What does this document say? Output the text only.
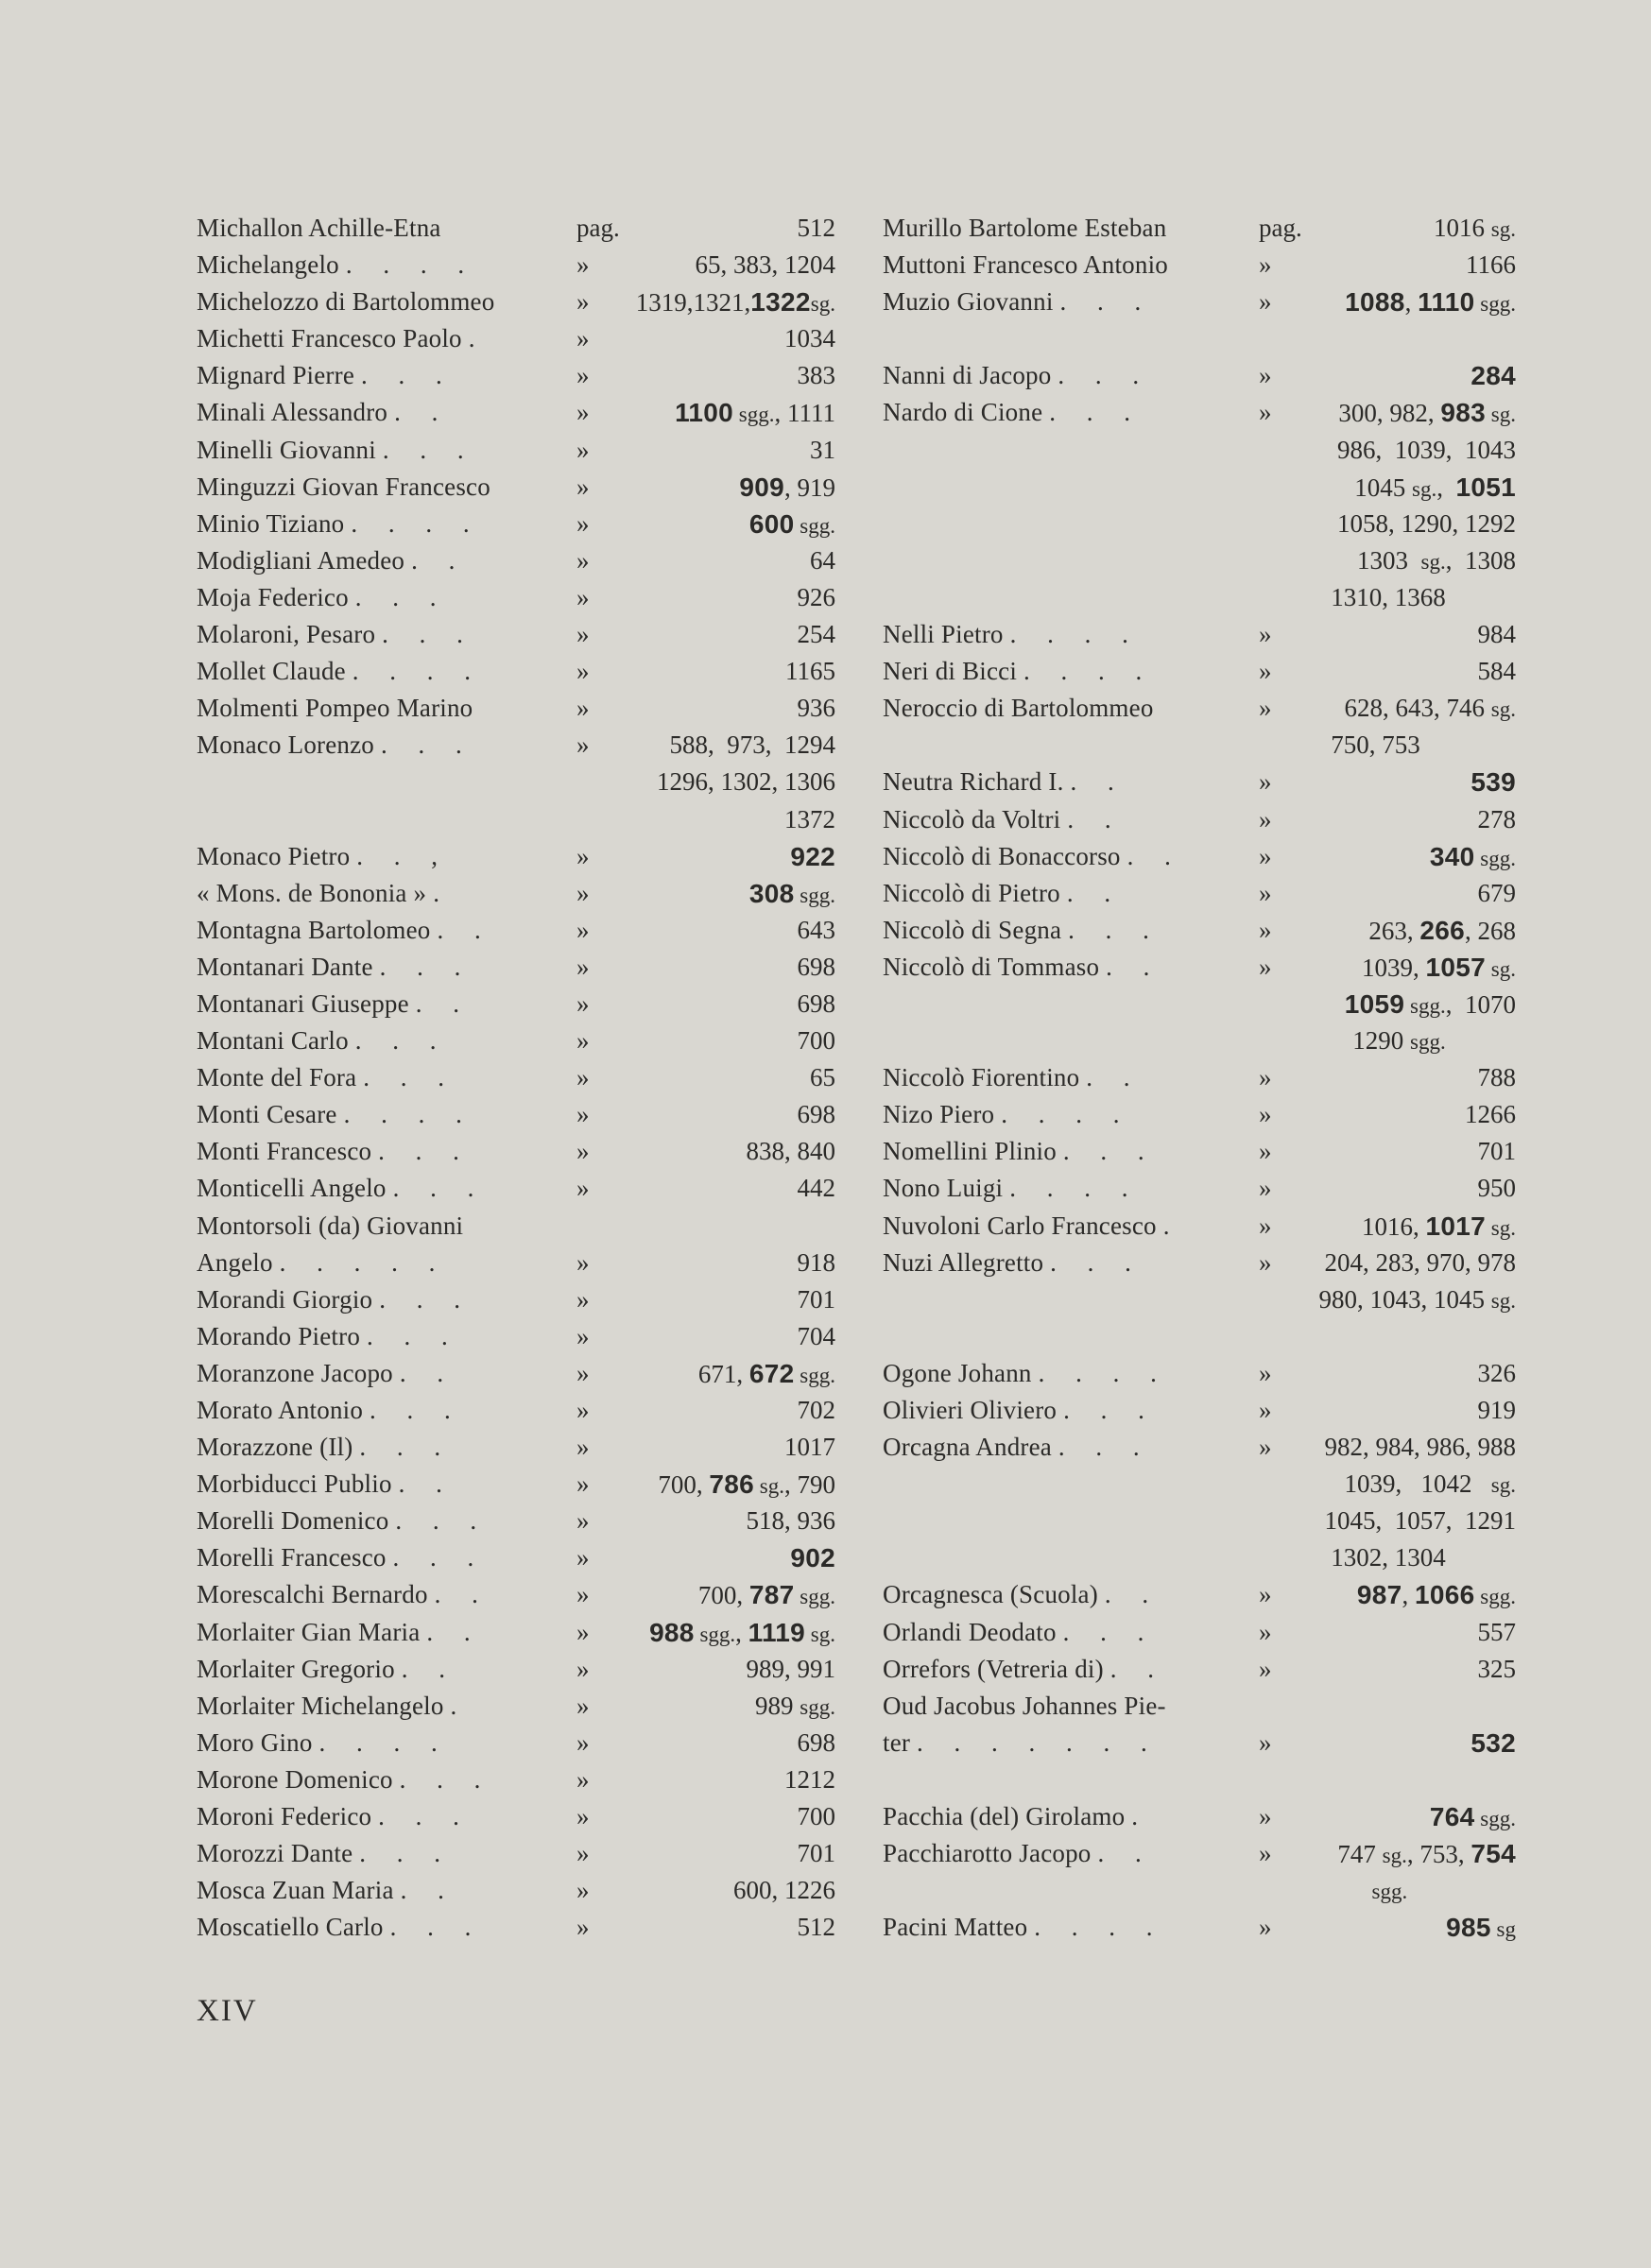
Michallon Achille-Etna	pag.	512
Michelangelo . . . .	»	65, 383, 1204
Michelozzo di Bartolommeo	» 1319,1321,1322sg.
Michetti Francesco Paolo .	»	1034
Mignard Pierre . . .	»	383
Minali Alessandro . .	»	1100 sgg., 1111
Minelli Giovanni . . .	»	31
Minguzzi Giovan Francesco	»	909, 919
Minio Tiziano . . . .	»	600 sgg.
Modigliani Amedeo . .	»	64
Moja Federico . . .	»	926
Molaroni, Pesaro . . .	»	254
Mollet Claude . . . .	»	1165
Molmenti Pompeo Marino	»	936
Monaco Lorenzo . . .	»	588,  973,  1294
1296, 1302, 1306
1372
Monaco Pietro . . ,	»	922
« Mons. de Bononia » .	»	308 sgg.
Montagna Bartolomeo . .	»	643
Montanari Dante . . .	»	698
Montanari Giuseppe . .	»	698
Montani Carlo . . .	»	700
Monte del Fora . . .	»	65
Monti Cesare . . . .	»	698
Monti Francesco . . .	»	838, 840
Monticelli Angelo . . .	»	442
Montorsoli (da) Giovanni
Angelo . . . . .	»	918
Morandi Giorgio . . .	»	701
Morando Pietro . . .	»	704
Moranzone Jacopo . .	»	671, 672 sgg.
Morato Antonio . . .	»	702
Morazzone (Il) . . .	»	1017
Morbiducci Publio . .	»	700, 786 sg., 790
Morelli Domenico . . .	»	518, 936
Morelli Francesco . . .	»	902
Morescalchi Bernardo . .	»	700, 787 sgg.
Morlaiter Gian Maria . .	» 988 sgg., 1119 sg.
Morlaiter Gregorio . .	»	989, 991
Morlaiter Michelangelo .	»	989 sgg.
Moro Gino . . . .	»	698
Morone Domenico . . .	»	1212
Moroni Federico . . .	»	700
Morozzi Dante . . .	»	701
Mosca Zuan Maria . .	»	600, 1226
Moscatiello Carlo . . .	»	512
Murillo Bartolome Esteban	pag.	1016 sg.
Muttoni Francesco Antonio	»	1166
Muzio Giovanni . . .	»	1088, 1110 sgg.
Nanni di Jacopo . . .	»	284
Nardo di Cione . . .	»	300, 982, 983 sg.
986,  1039,  1043
1045 sg.,  1051
1058, 1290, 1292
1303  sg.,  1308
1310, 1368
Nelli Pietro . . . .	»	984
Neri di Bicci . . . .	»	584
Neroccio di Bartolommeo	»	628, 643, 746 sg.
750, 753
Neutra Richard I. . .	»	539
Niccolò da Voltri . .	»	278
Niccolò di Bonaccorso . .	»	340 sgg.
Niccolò di Pietro . .	»	679
Niccolò di Segna . . .	»	263, 266, 268
Niccolò di Tommaso . .	»	1039, 1057 sg.
1059 sgg.,  1070
1290 sgg.
Niccolò Fiorentino . .	»	788
Nizo Piero . . . .	»	1266
Nomellini Plinio . . .	»	701
Nono Luigi . . . .	»	950
Nuvoloni Carlo Francesco .	»	1016, 1017 sg.
Nuzi Allegretto . . .	» 204, 283, 970, 978
980, 1043, 1045 sg.
Ogone Johann . . . .	»	326
Olivieri Oliviero . . .	»	919
Orcagna Andrea . . .	» 982, 984, 986, 988
1039,   1042   sg.
1045,  1057,  1291
1302, 1304
Orcagnesca (Scuola) . .	»	987, 1066 sgg.
Orlandi Deodato . . .	»	557
Orrefors (Vetreria di) . .	»	325
Oud Jacobus Johannes Pie-
ter . . . . . . .	»	532
Pacchia (del) Girolamo .	»	764 sgg.
Pacchiarotto Jacopo . .	»	747 sg., 753, 754
sgg.
Pacini Matteo . . . .	»	985 sg
XIV
